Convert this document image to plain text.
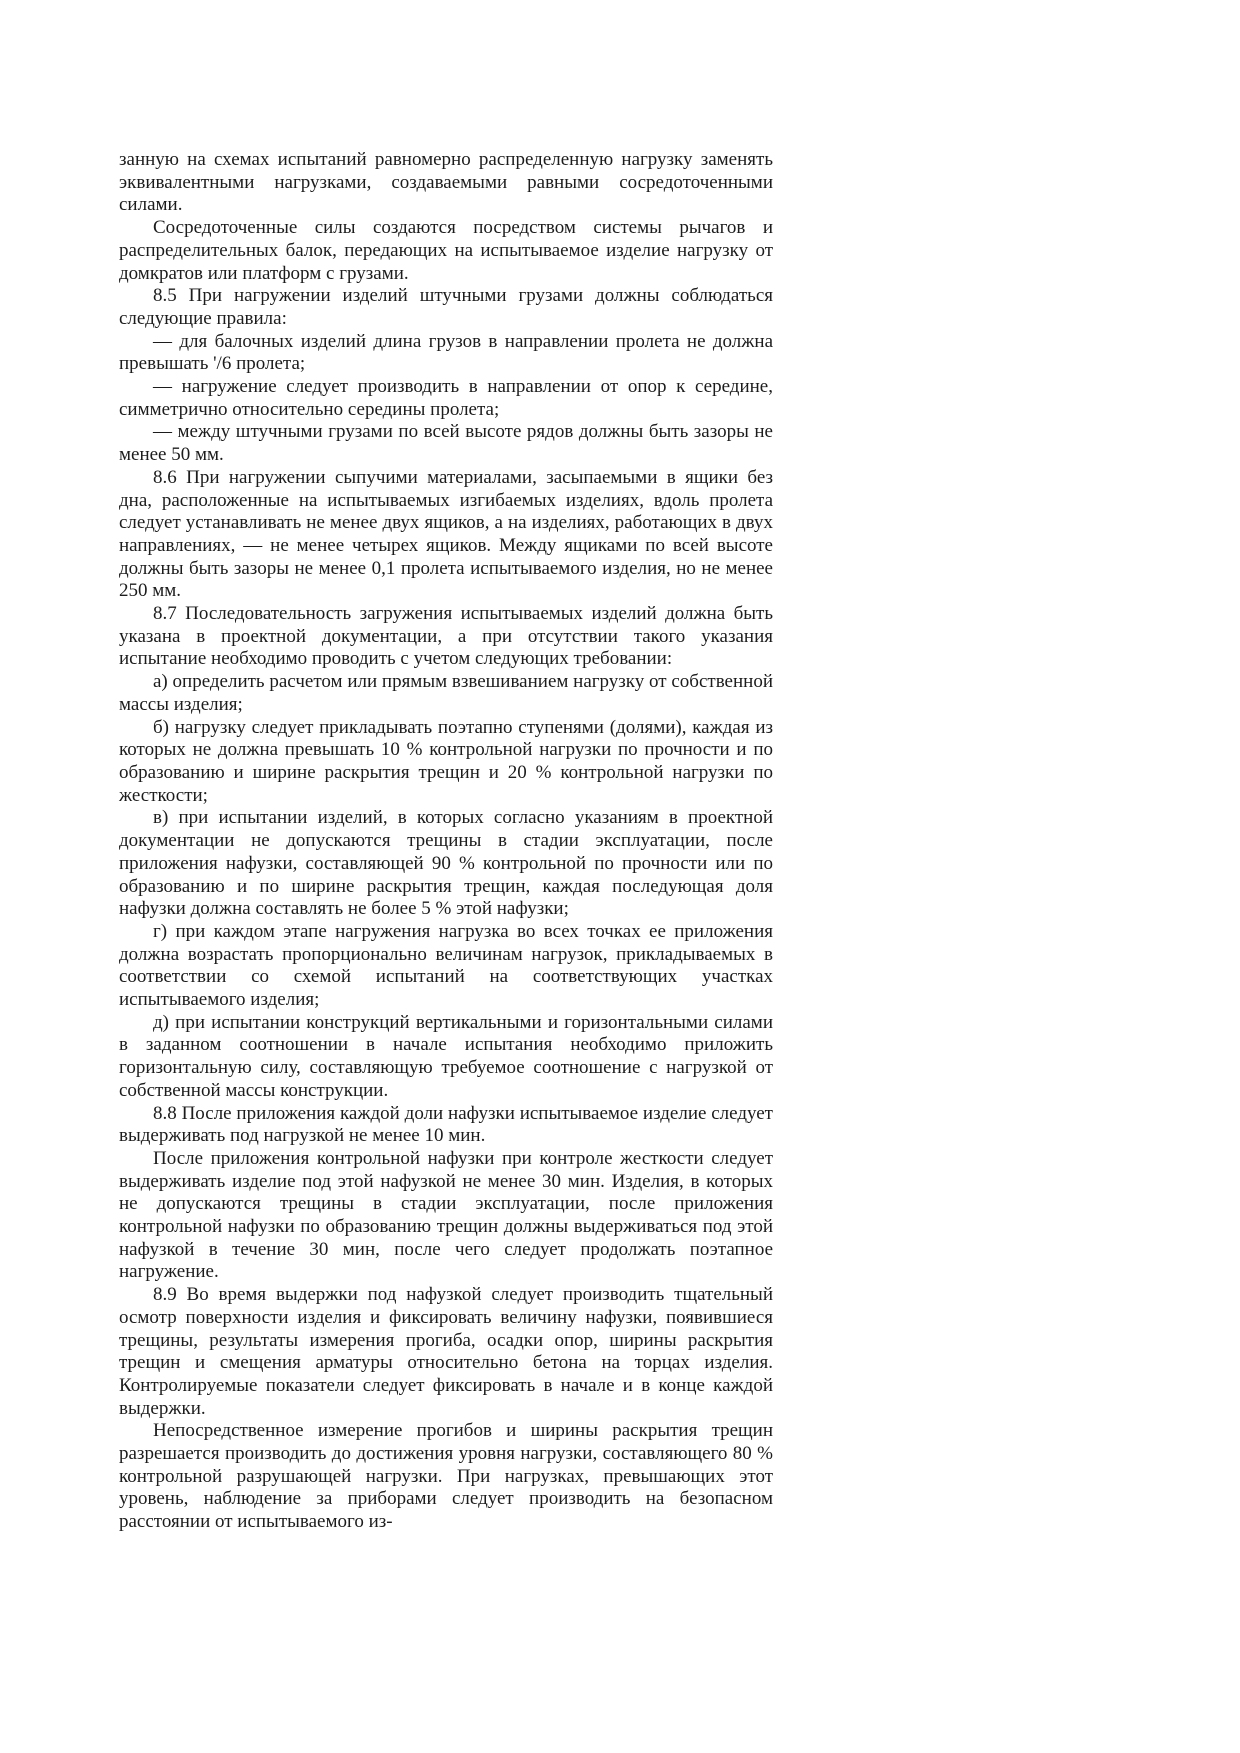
занную на схемах испытаний равномерно распределенную нагрузку заменять эквивалентными нагрузками, создаваемыми равными сосредоточенными силами.

Сосредоточенные силы создаются посредством системы рычагов и распределительных балок, передающих на испытываемое изделие нагрузку от домкратов или платформ с грузами.

8.5 При нагружении изделий штучными грузами должны соблюдаться следующие правила:

— для балочных изделий длина грузов в направлении пролета не должна превышать '/6 пролета;

— нагружение следует производить в направлении от опор к середине, симметрично относительно середины пролета;

— между штучными грузами по всей высоте рядов должны быть зазоры не менее 50 мм.

8.6 При нагружении сыпучими материалами, засыпаемыми в ящики без дна, расположенные на испытываемых изгибаемых изделиях, вдоль пролета следует устанавливать не менее двух ящиков, а на изделиях, работающих в двух направлениях, — не менее четырех ящиков. Между ящиками по всей высоте должны быть зазоры не менее 0,1 пролета испытываемого изделия, но не менее 250 мм.

8.7 Последовательность загружения испытываемых изделий должна быть указана в проектной документации, а при отсутствии такого указания испытание необходимо проводить с учетом следующих требовании:

а) определить расчетом или прямым взвешиванием нагрузку от собственной массы изделия;

б) нагрузку следует прикладывать поэтапно ступенями (долями), каждая из которых не должна превышать 10 % контрольной нагрузки по прочности и по образованию и ширине раскрытия трещин и 20 % контрольной нагрузки по жесткости;

в) при испытании изделий, в которых согласно указаниям в проектной документации не допускаются трещины в стадии эксплуатации, после приложения нафузки, составляющей 90 % контрольной по прочности или по образованию и по ширине раскрытия трещин, каждая последующая доля нафузки должна составлять не более 5 % этой нафузки;

г) при каждом этапе нагружения нагрузка во всех точках ее приложения должна возрастать пропорционально величинам нагрузок, прикладываемых в соответствии со схемой испытаний на соответствующих участках испытываемого изделия;

д) при испытании конструкций вертикальными и горизонтальными силами в заданном соотношении в начале испытания необходимо приложить горизонтальную силу, составляющую требуемое соотношение с нагрузкой от собственной массы конструкции.

8.8 После приложения каждой доли нафузки испытываемое изделие следует выдерживать под нагрузкой не менее 10 мин.

После приложения контрольной нафузки при контроле жесткости следует выдерживать изделие под этой нафузкой не менее 30 мин. Изделия, в которых не допускаются трещины в стадии эксплуатации, после приложения контрольной нафузки по образованию трещин должны выдерживаться под этой нафузкой в течение 30 мин, после чего следует продолжать поэтапное нагружение.

8.9 Во время выдержки под нафузкой следует производить тщательный осмотр поверхности изделия и фиксировать величину нафузки, появившиеся трещины, результаты измерения прогиба, осадки опор, ширины раскрытия трещин и смещения арматуры относительно бетона на торцах изделия. Контролируемые показатели следует фиксировать в начале и в конце каждой выдержки.

Непосредственное измерение прогибов и ширины раскрытия трещин разрешается производить до достижения уровня нагрузки, составляющего 80 % контрольной разрушающей нагрузки. При нагрузках, превышающих этот уровень, наблюдение за приборами следует производить на безопасном расстоянии от испытываемого из-
